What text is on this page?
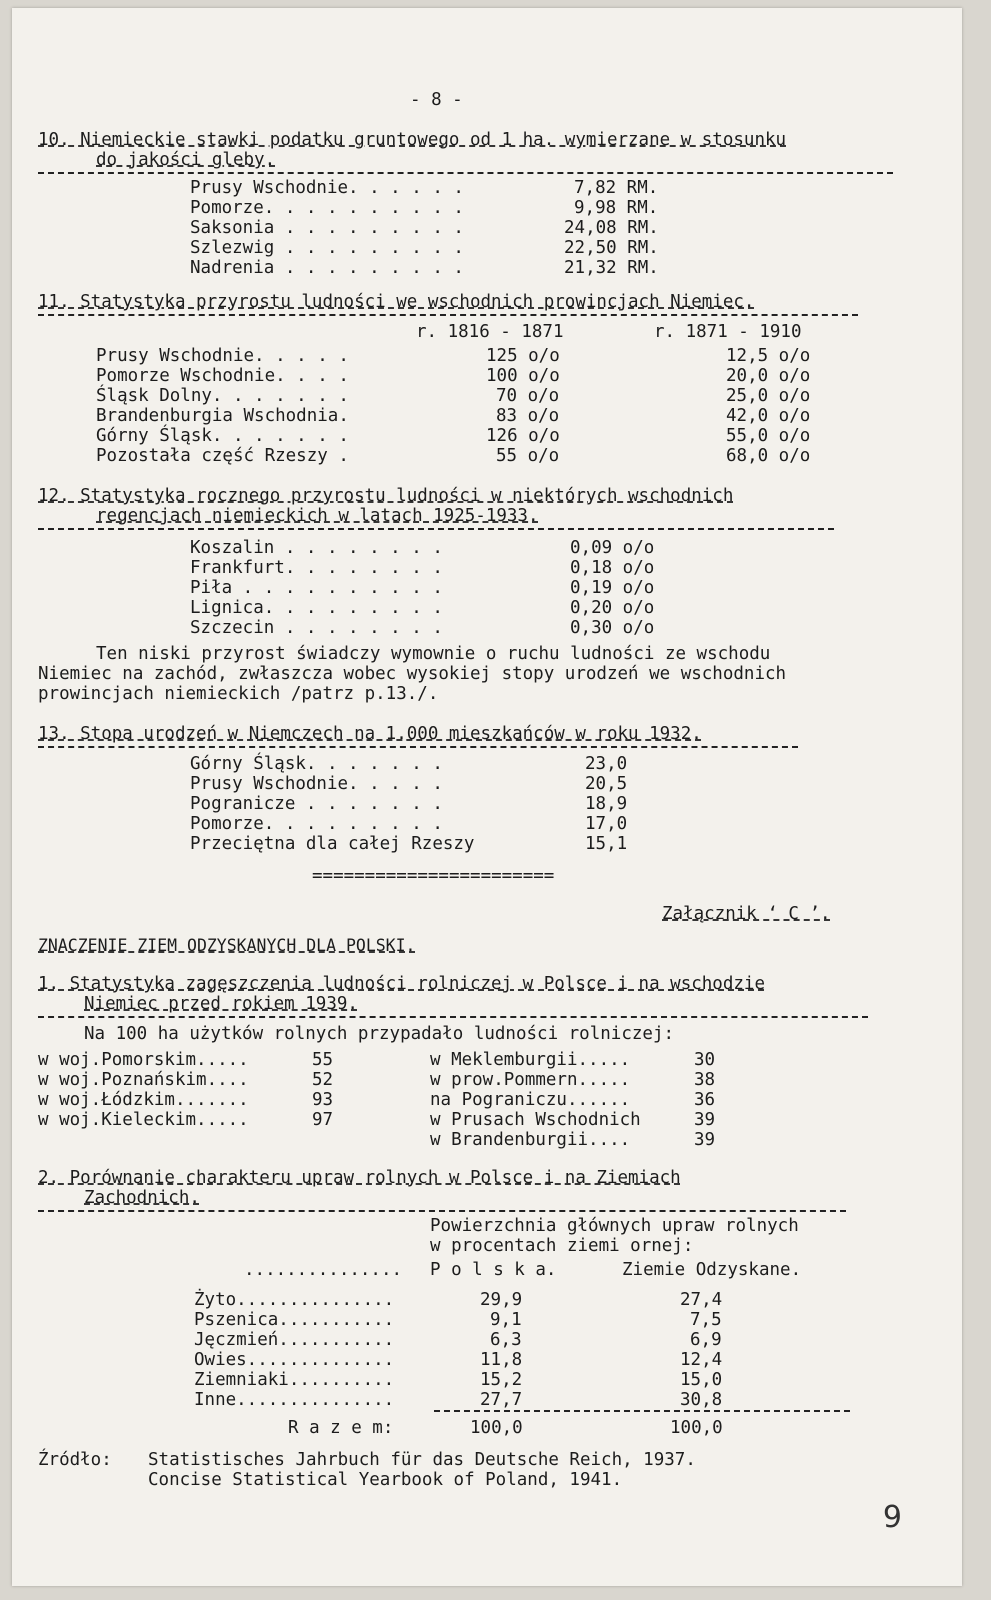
- 8 -
10. Niemieckie stawki podatku gruntowego od 1 ha. wymierzane w stosunku
do jakości gleby.
Prusy Wschodnie. . . . . .	7,82 RM.
Pomorze. . . . . . . . . .	9,98 RM.
Saksonia . . . . . . . . .	24,08 RM.
Szlezwig . . . . . . . . .	22,50 RM.
Nadrenia . . . . . . . . .	21,32 RM.
11. Statystyka przyrostu ludności we wschodnich prowincjach Niemiec.
r. 1816 - 1871	r. 1871 - 1910
Prusy Wschodnie. . . . .	125 o/o	12,5 o/o
Pomorze Wschodnie. . . .	100 o/o	20,0 o/o
Śląsk Dolny. . . . . . .	70 o/o	25,0 o/o
Brandenburgia Wschodnia.	83 o/o	42,0 o/o
Górny Śląsk. . . . . . .	126 o/o	55,0 o/o
Pozostała część Rzeszy .	55 o/o	68,0 o/o
12. Statystyka rocznego przyrostu ludności w niektórych wschodnich
regencjach niemieckich w latach 1925-1933.
Koszalin . . . . . . . .	0,09 o/o
Frankfurt. . . . . . . .	0,18 o/o
Piła . . . . . . . . . .	0,19 o/o
Lignica. . . . . . . . .	0,20 o/o
Szczecin . . . . . . . .	0,30 o/o
Ten niski przyrost świadczy wymownie o ruchu ludności ze wschodu
Niemiec na zachód, zwłaszcza wobec wysokiej stopy urodzeń we wschodnich
prowincjach niemieckich /patrz p.13./.
13. Stopa urodzeń w Niemczech na 1.000 mieszkańców w roku 1932.
Górny Śląsk. . . . . . .	23,0
Prusy Wschodnie. . . . .	20,5
Pogranicze . . . . . . .	18,9
Pomorze. . . . . . . . .	17,0
Przeciętna dla całej Rzeszy	15,1
=======================
Załącznik ‘ C ’.
ZNACZENIE ZIEM ODZYSKANYCH DLA POLSKI.
1. Statystyka zagęszczenia ludności rolniczej w Polsce i na wschodzie
Niemiec przed rokiem 1939.
Na 100 ha użytków rolnych przypadało ludności rolniczej:
w woj.Pomorskim.....	55
w woj.Poznańskim....	52
w woj.Łódzkim.......	93
w woj.Kieleckim.....	97
w Meklemburgii.....	30
w prow.Pommern.....	38
na Pograniczu......	36
w Prusach Wschodnich	39
w Brandenburgii....	39
2. Porównanie charakteru upraw rolnych w Polsce i na Ziemiach
Zachodnich.
Powierzchnia głównych upraw rolnych
w procentach ziemi ornej:
............... P o l s k a.	Ziemie Odzyskane.
Żyto...............	29,9	27,4
Pszenica...........	9,1	7,5
Jęczmień...........	6,3	6,9
Owies..............	11,8	12,4
Ziemniaki..........	15,2	15,0
Inne...............	27,7	30,8
R a z e m:	100,0	100,0
Źródło: Statistisches Jahrbuch für das Deutsche Reich, 1937.
Concise Statistical Yearbook of Poland, 1941.
9
